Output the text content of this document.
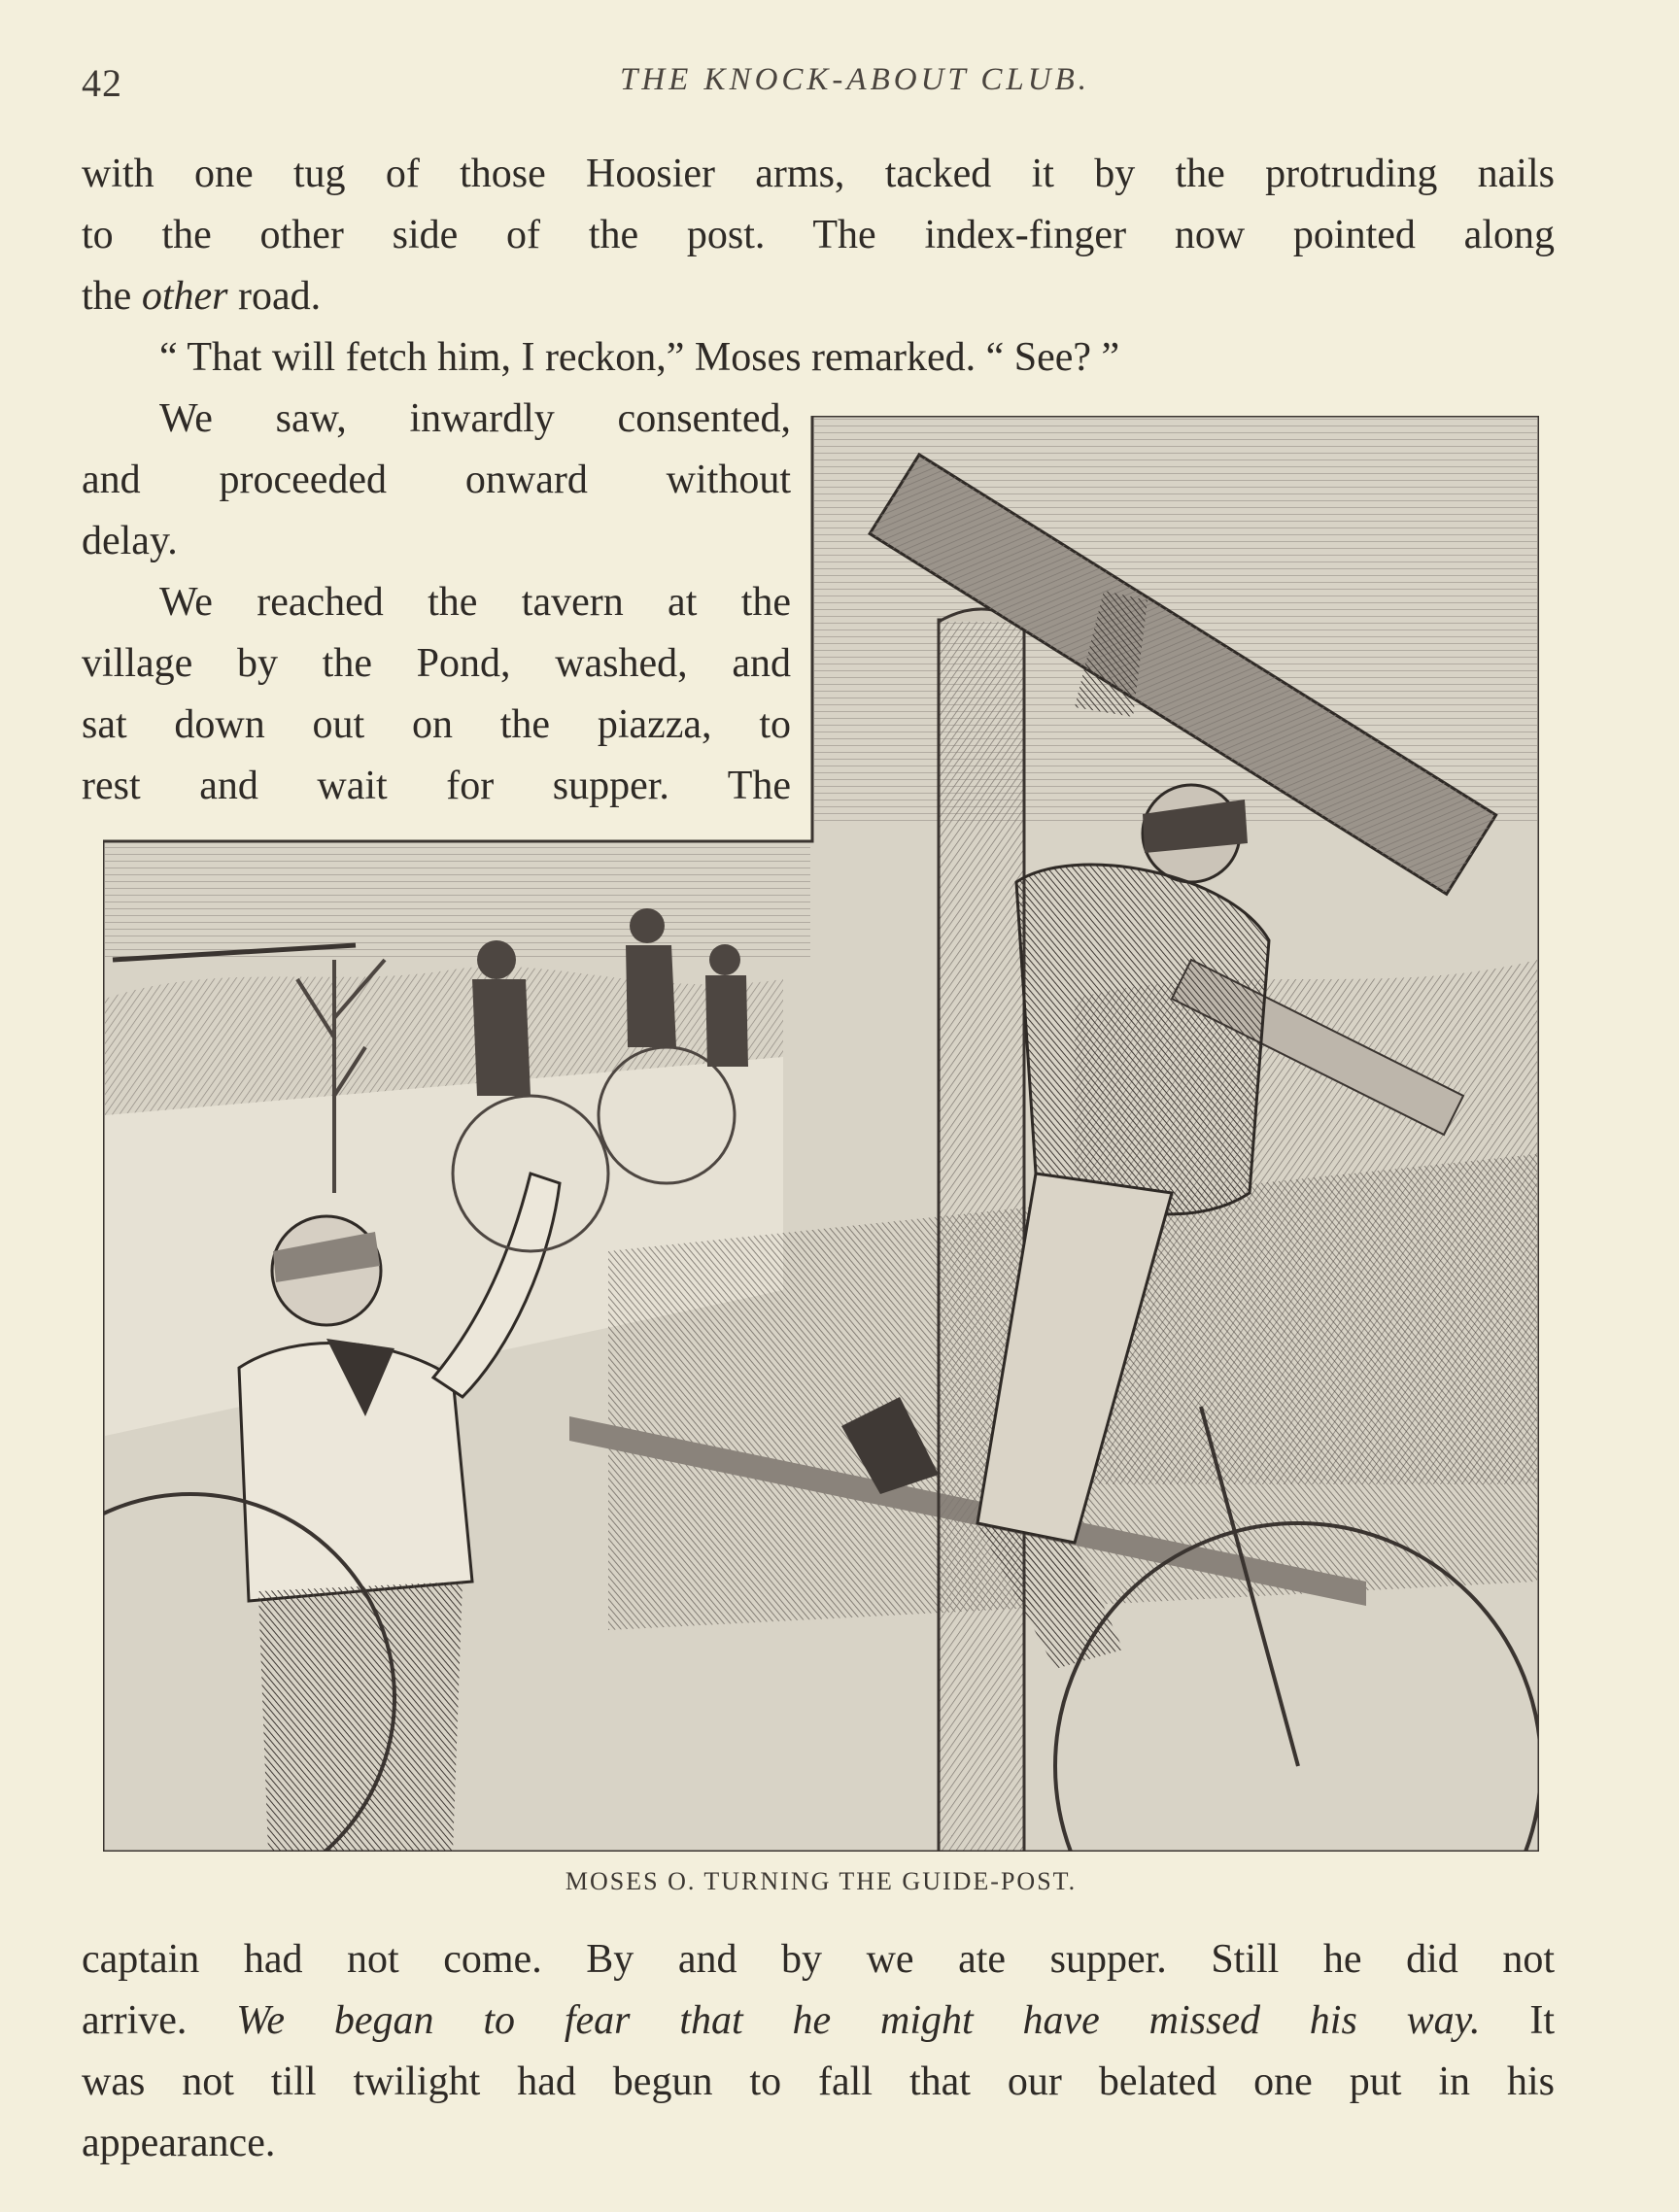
42	THE KNOCK-ABOUT CLUB.

with one tug of those Hoosier arms, tacked it by the protruding nails

to the other side of the post. The index-finger now pointed along

the other road.

“ That will fetch him, I reckon,” Moses remarked. “ See? ”

We saw, inwardly consented,

and proceeded onward without

delay.

We reached the tavern at the

village by the Pond, washed, and

sat down out on the piazza, to

rest and wait for supper. The

MOSES O. TURNING THE GUIDE-POST.

captain had not come. By and by we ate supper. Still he did not

arrive. We began to fear that he might have missed his way. It

was not till twilight had begun to fall that our belated one put in his

appearance.
